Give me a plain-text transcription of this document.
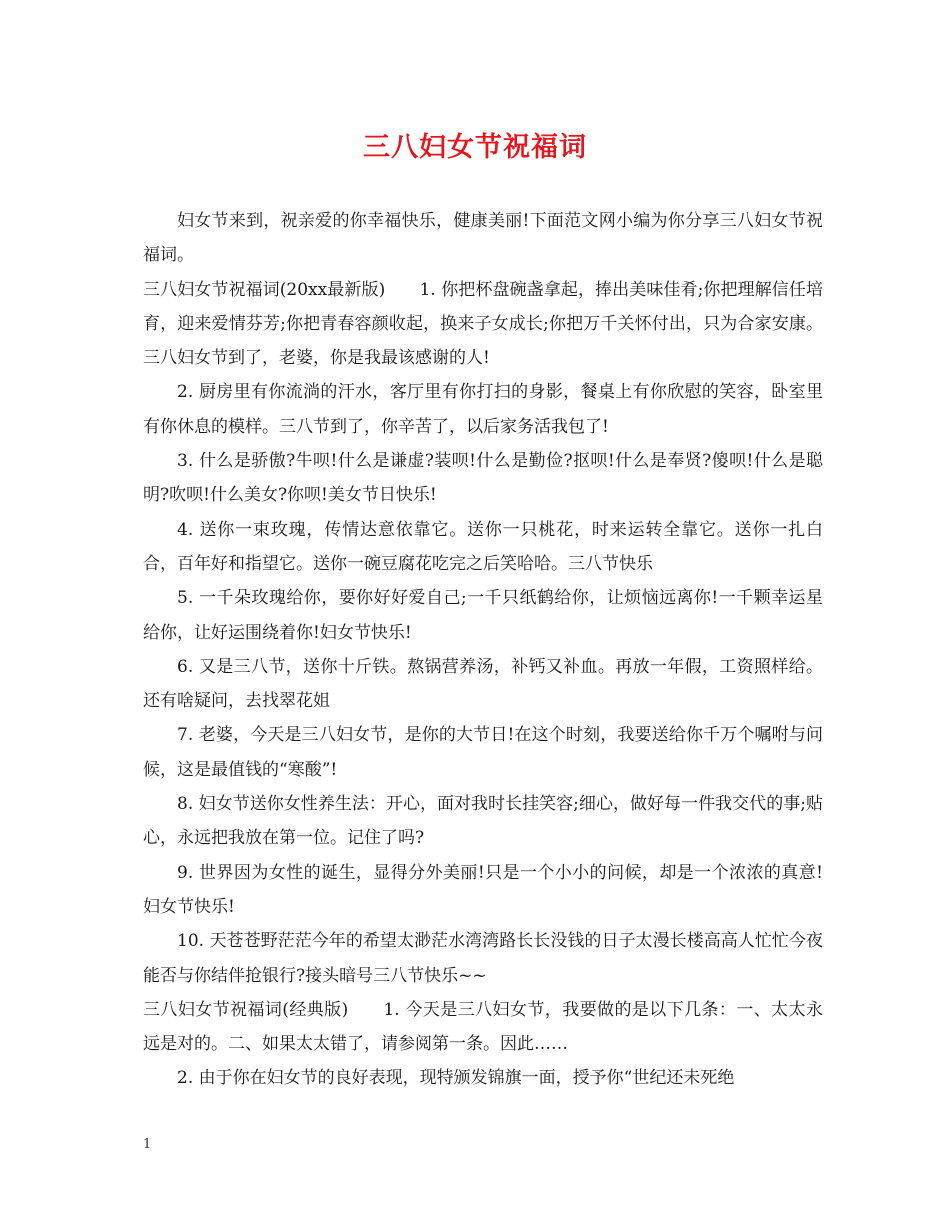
三八妇女节祝福词

妇女节来到，祝亲爱的你幸福快乐，健康美丽!下面范文网小编为你分享三八妇女节祝福词。

三八妇女节祝福词(20xx最新版)　　1. 你把杯盘碗盏拿起，捧出美味佳肴;你把理解信任培育，迎来爱情芬芳;你把青春容颜收起，换来子女成长;你把万千关怀付出，只为合家安康。三八妇女节到了，老婆，你是我最该感谢的人!

2. 厨房里有你流淌的汗水，客厅里有你打扫的身影，餐桌上有你欣慰的笑容，卧室里有你休息的模样。三八节到了，你辛苦了，以后家务活我包了!

3. 什么是骄傲?牛呗!什么是谦虚?装呗!什么是勤俭?抠呗!什么是奉贤?傻呗!什么是聪明?吹呗!什么美女?你呗!美女节日快乐!

4. 送你一束玫瑰，传情达意依靠它。送你一只桃花，时来运转全靠它。送你一扎白合，百年好和指望它。送你一碗豆腐花吃完之后笑哈哈。三八节快乐

5. 一千朵玫瑰给你，要你好好爱自己;一千只纸鹤给你，让烦恼远离你!一千颗幸运星给你，让好运围绕着你!妇女节快乐!

6. 又是三八节，送你十斤铁。熬锅营养汤，补钙又补血。再放一年假，工资照样给。还有啥疑问，去找翠花姐

7. 老婆，今天是三八妇女节，是你的大节日!在这个时刻，我要送给你千万个嘱咐与问候，这是最值钱的“寒酸”!

8. 妇女节送你女性养生法：开心，面对我时长挂笑容;细心，做好每一件我交代的事;贴心，永远把我放在第一位。记住了吗?

9. 世界因为女性的诞生，显得分外美丽!只是一个小小的问候，却是一个浓浓的真意!妇女节快乐!

10. 天苍苍野茫茫今年的希望太渺茫水湾湾路长长没钱的日子太漫长楼高高人忙忙今夜能否与你结伴抢银行?接头暗号三八节快乐~~

三八妇女节祝福词(经典版)　　1. 今天是三八妇女节，我要做的是以下几条：一、太太永远是对的。二、如果太太错了，请参阅第一条。因此……

2. 由于你在妇女节的良好表现，现特颁发锦旗一面，授予你“世纪还未死绝

1
